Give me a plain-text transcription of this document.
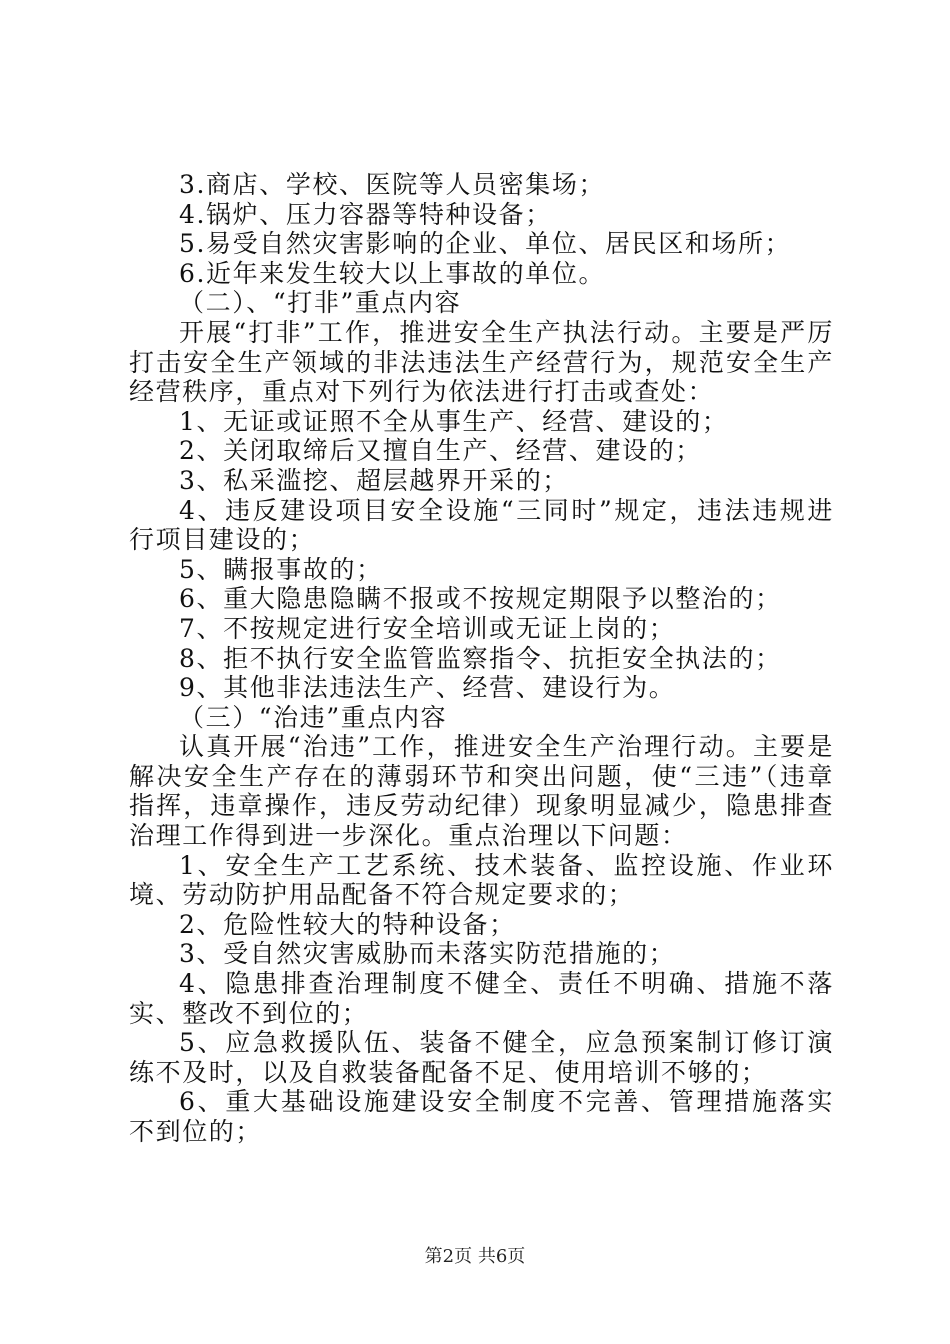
3.商店、学校、医院等人员密集场；

4.锅炉、压力容器等特种设备；

5.易受自然灾害影响的企业、单位、居民区和场所；

6.近年来发生较大以上事故的单位。

（二）、“打非”重点内容

开展“打非”工作，推进安全生产执法行动。主要是严厉打击安全生产领域的非法违法生产经营行为，规范安全生产经营秩序，重点对下列行为依法进行打击或查处：

1、无证或证照不全从事生产、经营、建设的；

2、关闭取缔后又擅自生产、经营、建设的；

3、私采滥挖、超层越界开采的；

4、违反建设项目安全设施“三同时”规定，违法违规进行项目建设的；

5、瞒报事故的；

6、重大隐患隐瞒不报或不按规定期限予以整治的；

7、不按规定进行安全培训或无证上岗的；

8、拒不执行安全监管监察指令、抗拒安全执法的；

9、其他非法违法生产、经营、建设行为。

（三）“治违”重点内容

认真开展“治违”工作，推进安全生产治理行动。主要是解决安全生产存在的薄弱环节和突出问题，使“三违”（违章指挥，违章操作，违反劳动纪律）现象明显减少，隐患排查治理工作得到进一步深化。重点治理以下问题：

1、安全生产工艺系统、技术装备、监控设施、作业环境、劳动防护用品配备不符合规定要求的；

2、危险性较大的特种设备；

3、受自然灾害威胁而未落实防范措施的；

4、隐患排查治理制度不健全、责任不明确、措施不落实、整改不到位的；

5、应急救援队伍、装备不健全，应急预案制订修订演练不及时，以及自救装备配备不足、使用培训不够的；

6、重大基础设施建设安全制度不完善、管理措施落实不到位的；

第2页 共6页
